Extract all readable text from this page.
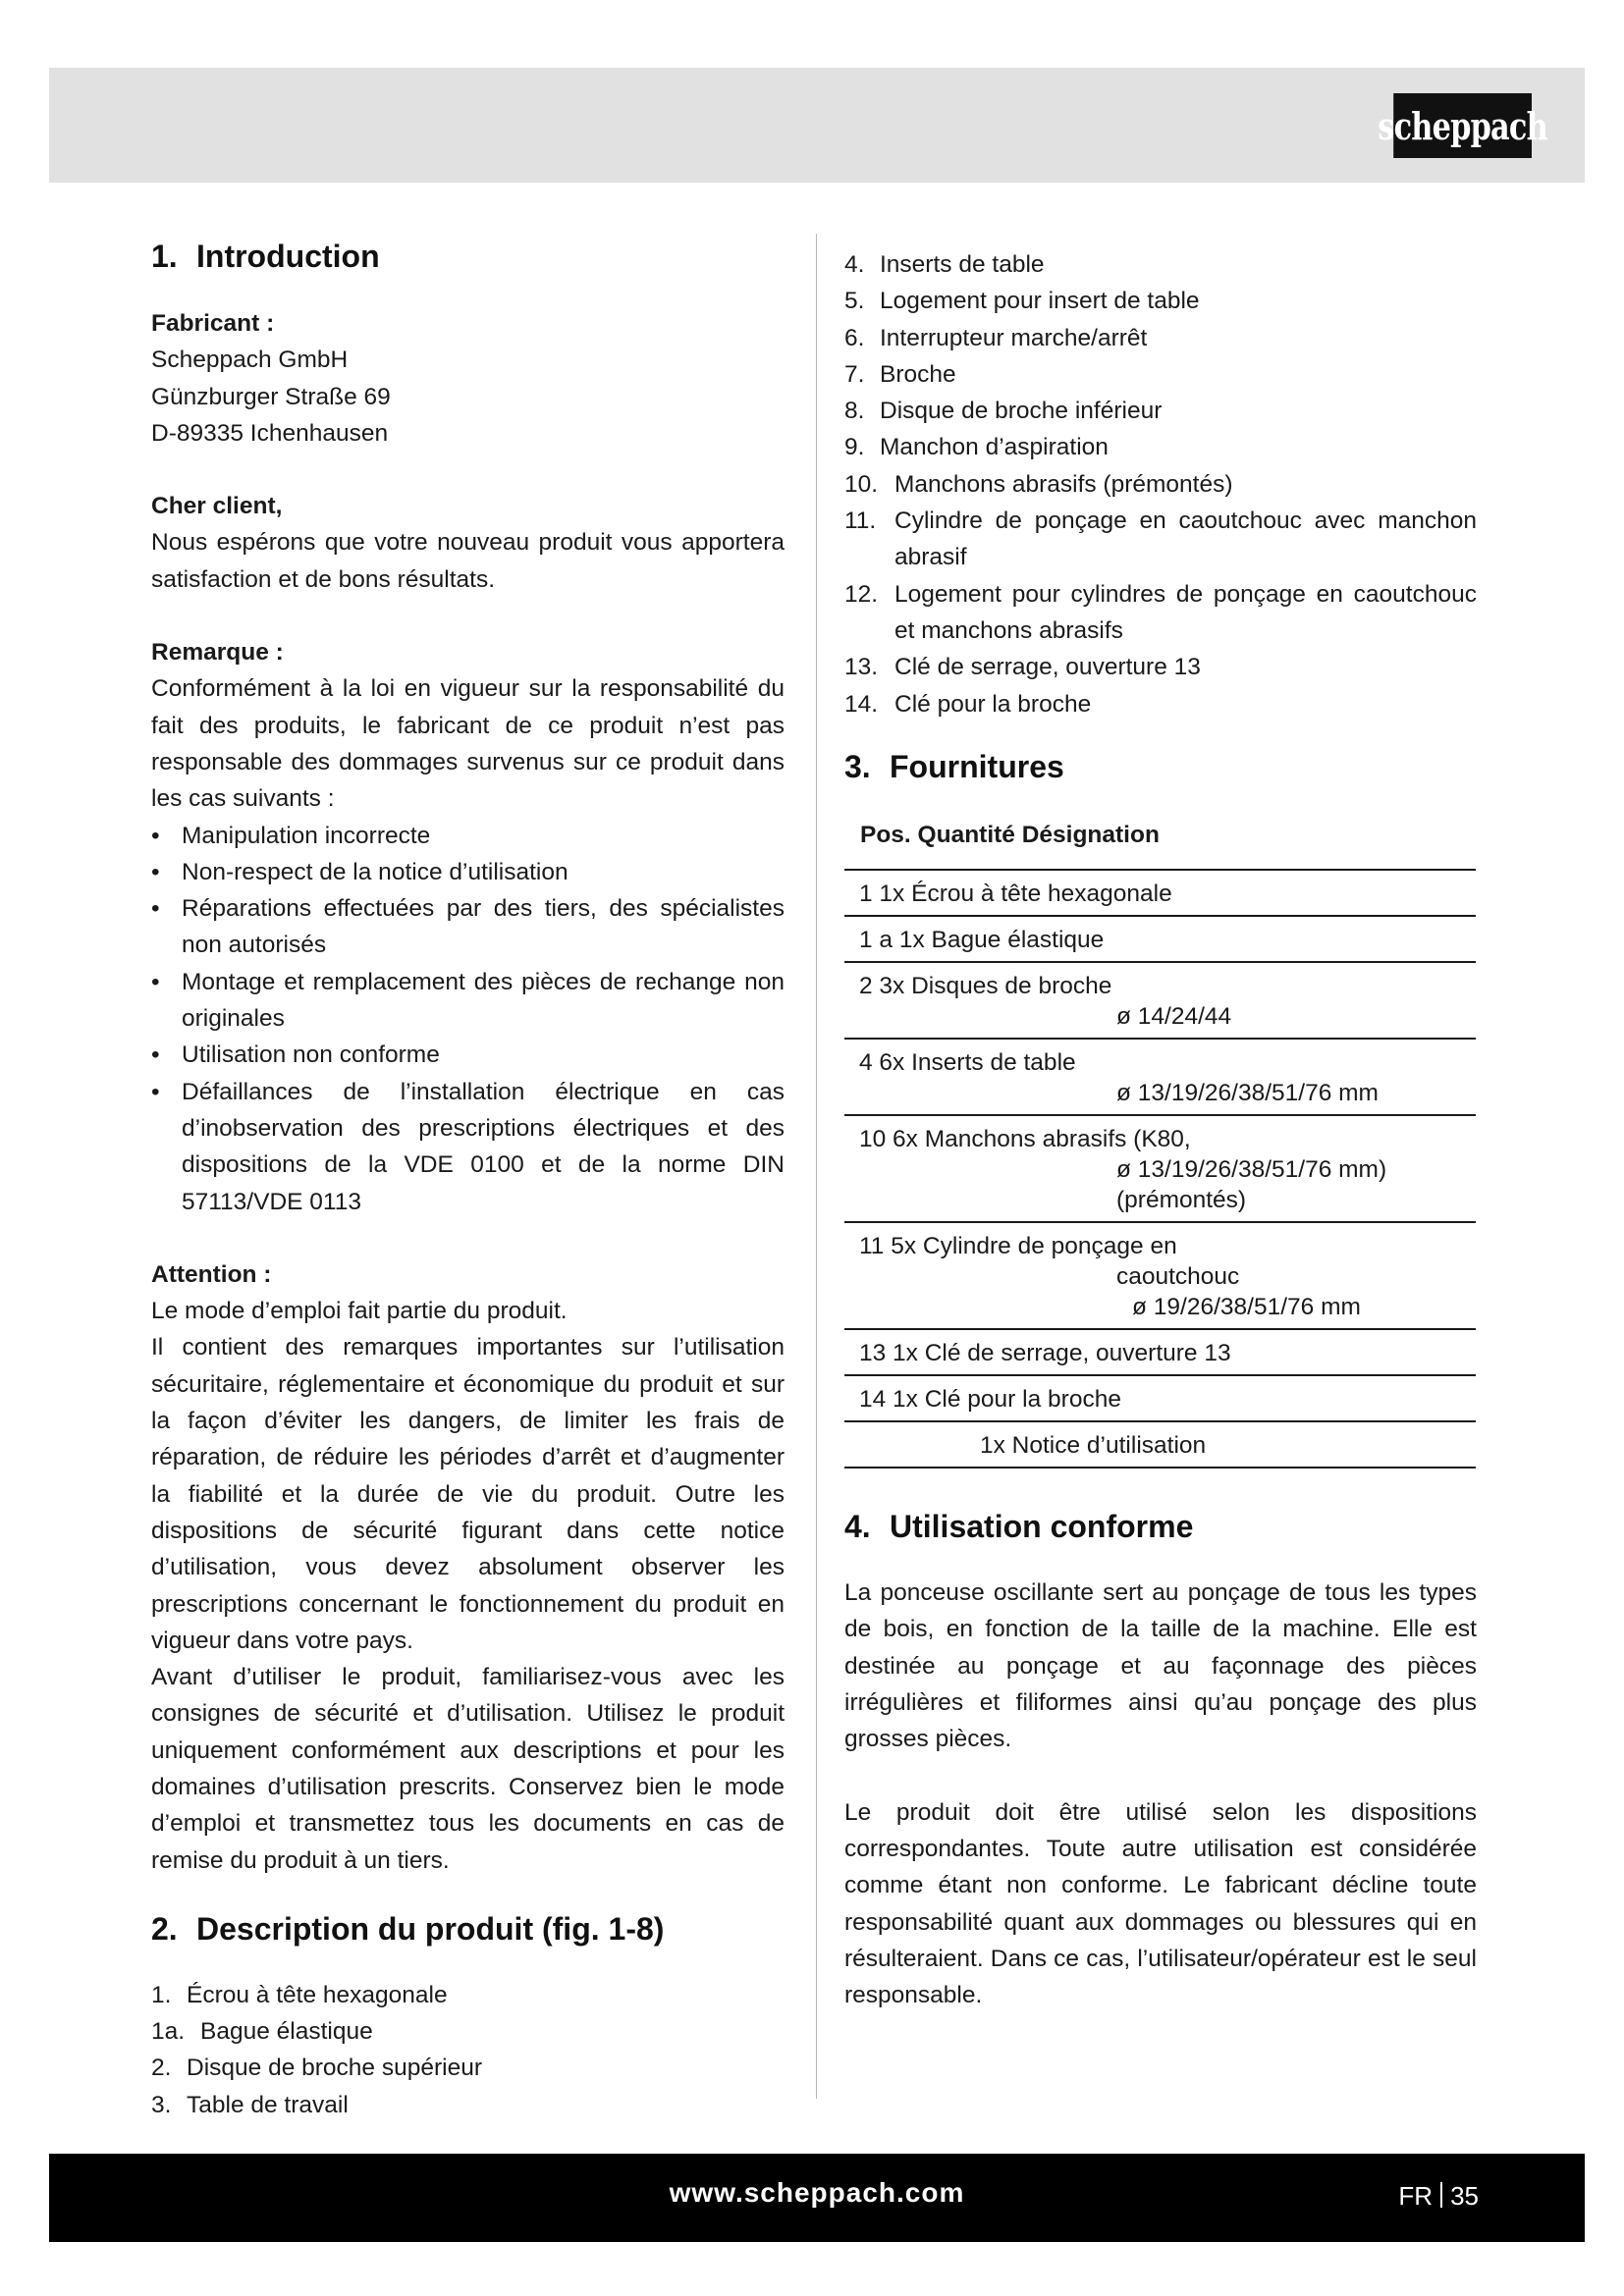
scheppach
1. Introduction

Fabricant :

Scheppach GmbH

Günzburger Straße 69

D-89335 Ichenhausen

Cher client,

Nous espérons que votre nouveau produit vous apportera satisfaction et de bons résultats.

Remarque :

Conformément à la loi en vigueur sur la responsabilité du fait des produits, le fabricant de ce produit n’est pas responsable des dommages survenus sur ce produit dans les cas suivants :

• Manipulation incorrecte
• Non-respect de la notice d’utilisation
• Réparations effectuées par des tiers, des spécialistes non autorisés
• Montage et remplacement des pièces de rechange non originales
• Utilisation non conforme
• Défaillances de l’installation électrique en cas d’inobservation des prescriptions électriques et des dispositions de la VDE 0100 et de la norme DIN 57113/VDE 0113

Attention :

Le mode d’emploi fait partie du produit.

Il contient des remarques importantes sur l’utilisation sécuritaire, réglementaire et économique du produit et sur la façon d’éviter les dangers, de limiter les frais de réparation, de réduire les périodes d’arrêt et d’augmenter la fiabilité et la durée de vie du produit. Outre les dispositions de sécurité figurant dans cette notice d’utilisation, vous devez absolument observer les prescriptions concernant le fonctionnement du produit en vigueur dans votre pays.

Avant d’utiliser le produit, familiarisez-vous avec les consignes de sécurité et d’utilisation. Utilisez le produit uniquement conformément aux descriptions et pour les domaines d’utilisation prescrits. Conservez bien le mode d’emploi et transmettez tous les documents en cas de remise du produit à un tiers.

2. Description du produit (fig. 1-8)
1. Écrou à tête hexagonale
1a. Bague élastique
2. Disque de broche supérieur
3. Table de travail
4. Inserts de table
5. Logement pour insert de table
6. Interrupteur marche/arrêt
7. Broche
8. Disque de broche inférieur
9. Manchon d’aspiration
10. Manchons abrasifs (prémontés)
11. Cylindre de ponçage en caoutchouc avec manchon abrasif
12. Logement pour cylindres de ponçage en caoutchouc et manchons abrasifs
13. Clé de serrage, ouverture 13
14. Clé pour la broche
3. Fournitures
Pos. Quantité Désignation
1 1x Écrou à tête hexagonale

1 a 1x Bague élastique

2 3x Disques de broche
ø 14/24/44

4 6x Inserts de table
ø 13/19/26/38/51/76 mm

10 6x Manchons abrasifs (K80,
ø 13/19/26/38/51/76 mm)
(prémontés)

11 5x Cylindre de ponçage en
caoutchouc
ø 19/26/38/51/76 mm

13 1x Clé de serrage, ouverture 13

14 1x Clé pour la broche

1x Notice d’utilisation
4. Utilisation conforme

La ponceuse oscillante sert au ponçage de tous les types de bois, en fonction de la taille de la machine. Elle est destinée au ponçage et au façonnage des pièces irrégulières et filiformes ainsi qu’au ponçage des plus grosses pièces.

Le produit doit être utilisé selon les dispositions correspondantes. Toute autre utilisation est considérée comme étant non conforme. Le fabricant décline toute responsabilité quant aux dommages ou blessures qui en résulteraient. Dans ce cas, l’utilisateur/opérateur est le seul responsable.

www.scheppach.com	FR 35
